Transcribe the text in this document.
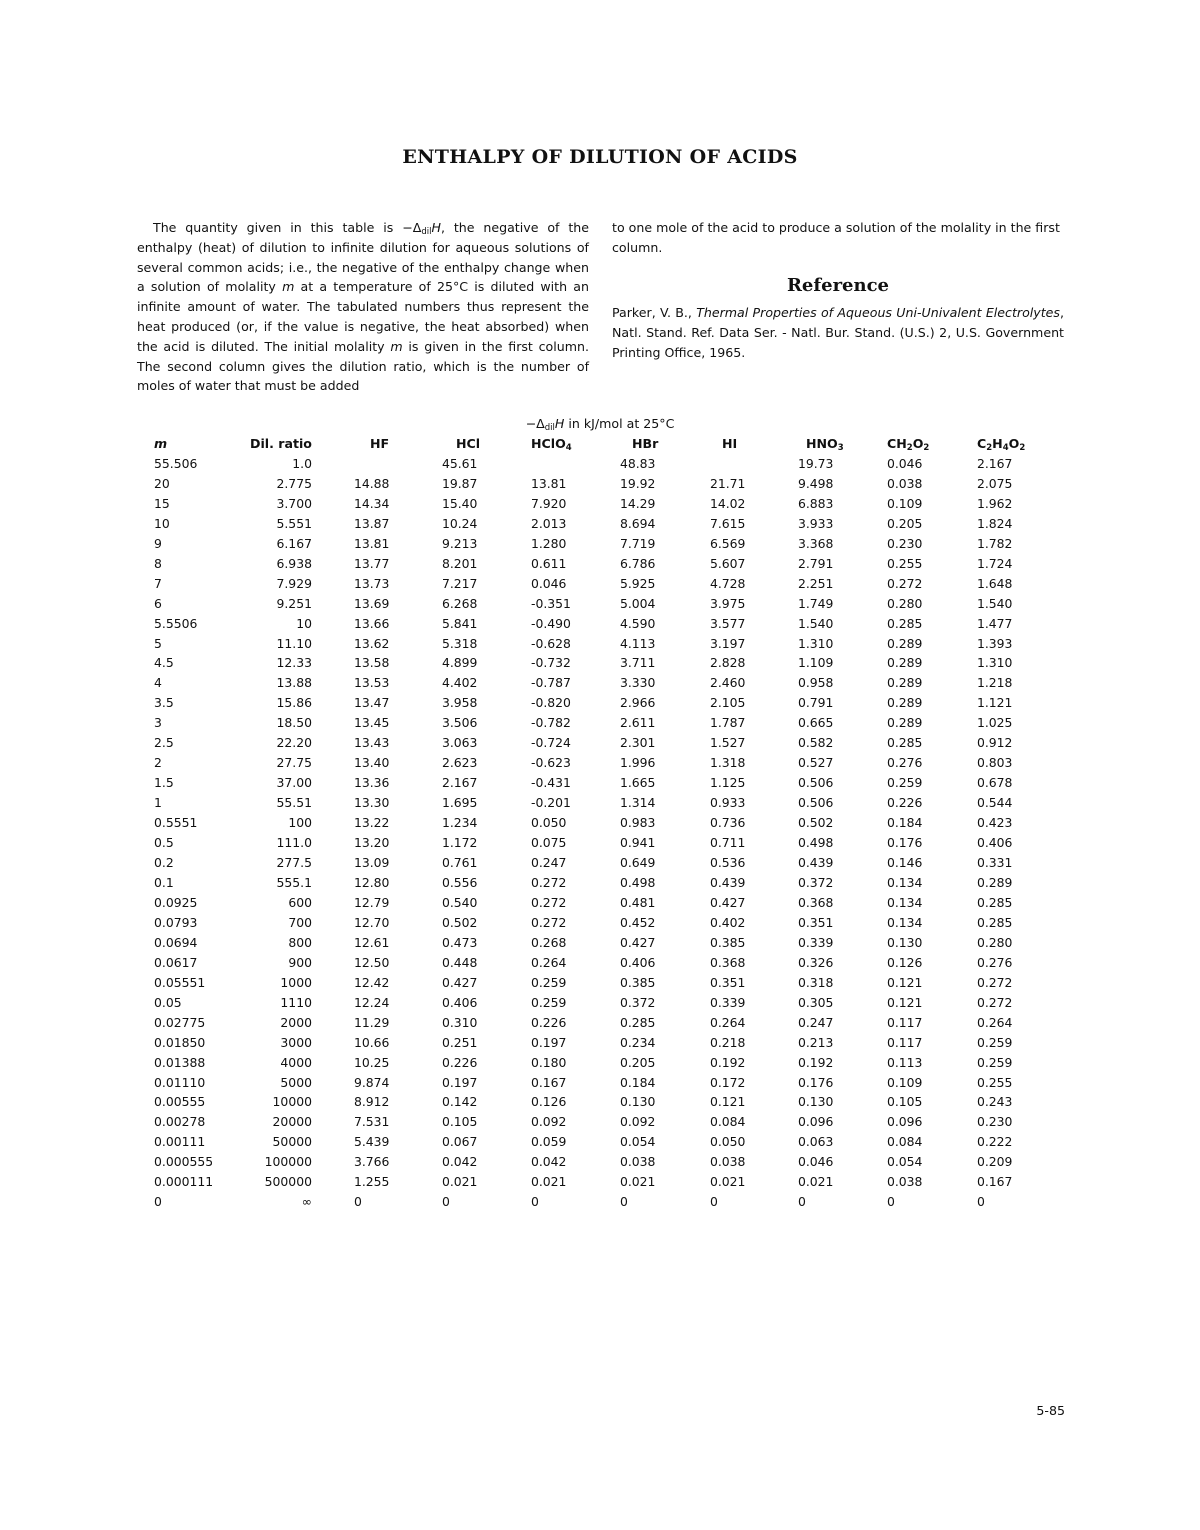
ENTHALPY OF DILUTION OF ACIDS

The quantity given in this table is $-\Delta_{dil}H$, the negative of the enthalpy (heat) of dilution to infinite dilution for aqueous solutions of several common acids; i.e., the negative of the enthalpy change when a solution of molality m at a temperature of 25°C is diluted with an infinite amount of water. The tabulated numbers thus represent the heat produced (or, if the value is negative, the heat absorbed) when the acid is diluted. The initial molality m is given in the first column. The second column gives the dilution ratio, which is the number of moles of water that must be added

to one mole of the acid to produce a solution of the molality in the first column.

Reference

Parker, V. B., Thermal Properties of Aqueous Uni-Univalent Electrolytes, Natl. Stand. Ref. Data Ser. - Natl. Bur. Stand. (U.S.) 2, U.S. Government Printing Office, 1965.

$-\Delta_{dil}H$ in kJ/mol at 25°C
m	Dil. ratio	HF	HCl	HClO$_4$	HBr	HI	$HNO_3$	$CH_2O_2$	$C_2H_4O_2$
55.506	1.0		45.61		48.83		19.73	0.046	2.167
20	2.775	14.88	19.87	13.81	19.92	21.71	9.498	0.038	2.075
15	3.700	14.34	15.40	7.920	14.29	14.02	6.883	0.109	1.962
10	5.551	13.87	10.24	2.013	8.694	7.615	3.933	0.205	1.824
9	6.167	13.81	9.213	1.280	7.719	6.569	3.368	0.230	1.782
8	6.938	13.77	8.201	0.611	6.786	5.607	2.791	0.255	1.724
7	7.929	13.73	7.217	0.046	5.925	4.728	2.251	0.272	1.648
6	9.251	13.69	6.268	-0.351	5.004	3.975	1.749	0.280	1.540
5.5506	10	13.66	5.841	-0.490	4.590	3.577	1.540	0.285	1.477
5	11.10	13.62	5.318	-0.628	4.113	3.197	1.310	0.289	1.393
4.5	12.33	13.58	4.899	-0.732	3.711	2.828	1.109	0.289	1.310
4	13.88	13.53	4.402	-0.787	3.330	2.460	0.958	0.289	1.218
3.5	15.86	13.47	3.958	-0.820	2.966	2.105	0.791	0.289	1.121
3	18.50	13.45	3.506	-0.782	2.611	1.787	0.665	0.289	1.025
2.5	22.20	13.43	3.063	-0.724	2.301	1.527	0.582	0.285	0.912
2	27.75	13.40	2.623	-0.623	1.996	1.318	0.527	0.276	0.803
1.5	37.00	13.36	2.167	-0.431	1.665	1.125	0.506	0.259	0.678
1	55.51	13.30	1.695	-0.201	1.314	0.933	0.506	0.226	0.544
0.5551	100	13.22	1.234	0.050	0.983	0.736	0.502	0.184	0.423
0.5	111.0	13.20	1.172	0.075	0.941	0.711	0.498	0.176	0.406
0.2	277.5	13.09	0.761	0.247	0.649	0.536	0.439	0.146	0.331
0.1	555.1	12.80	0.556	0.272	0.498	0.439	0.372	0.134	0.289
0.0925	600	12.79	0.540	0.272	0.481	0.427	0.368	0.134	0.285
0.0793	700	12.70	0.502	0.272	0.452	0.402	0.351	0.134	0.285
0.0694	800	12.61	0.473	0.268	0.427	0.385	0.339	0.130	0.280
0.0617	900	12.50	0.448	0.264	0.406	0.368	0.326	0.126	0.276
0.05551	1000	12.42	0.427	0.259	0.385	0.351	0.318	0.121	0.272
0.05	1110	12.24	0.406	0.259	0.372	0.339	0.305	0.121	0.272
0.02775	2000	11.29	0.310	0.226	0.285	0.264	0.247	0.117	0.264
0.01850	3000	10.66	0.251	0.197	0.234	0.218	0.213	0.117	0.259
0.01388	4000	10.25	0.226	0.180	0.205	0.192	0.192	0.113	0.259
0.01110	5000	9.874	0.197	0.167	0.184	0.172	0.176	0.109	0.255
0.00555	10000	8.912	0.142	0.126	0.130	0.121	0.130	0.105	0.243
0.00278	20000	7.531	0.105	0.092	0.092	0.084	0.096	0.096	0.230
0.00111	50000	5.439	0.067	0.059	0.054	0.050	0.063	0.084	0.222
0.000555	100000	3.766	0.042	0.042	0.038	0.038	0.046	0.054	0.209
0.000111	500000	1.255	0.021	0.021	0.021	0.021	0.021	0.038	0.167
0	∞	0	0	0	0	0	0	0	0
5-85
